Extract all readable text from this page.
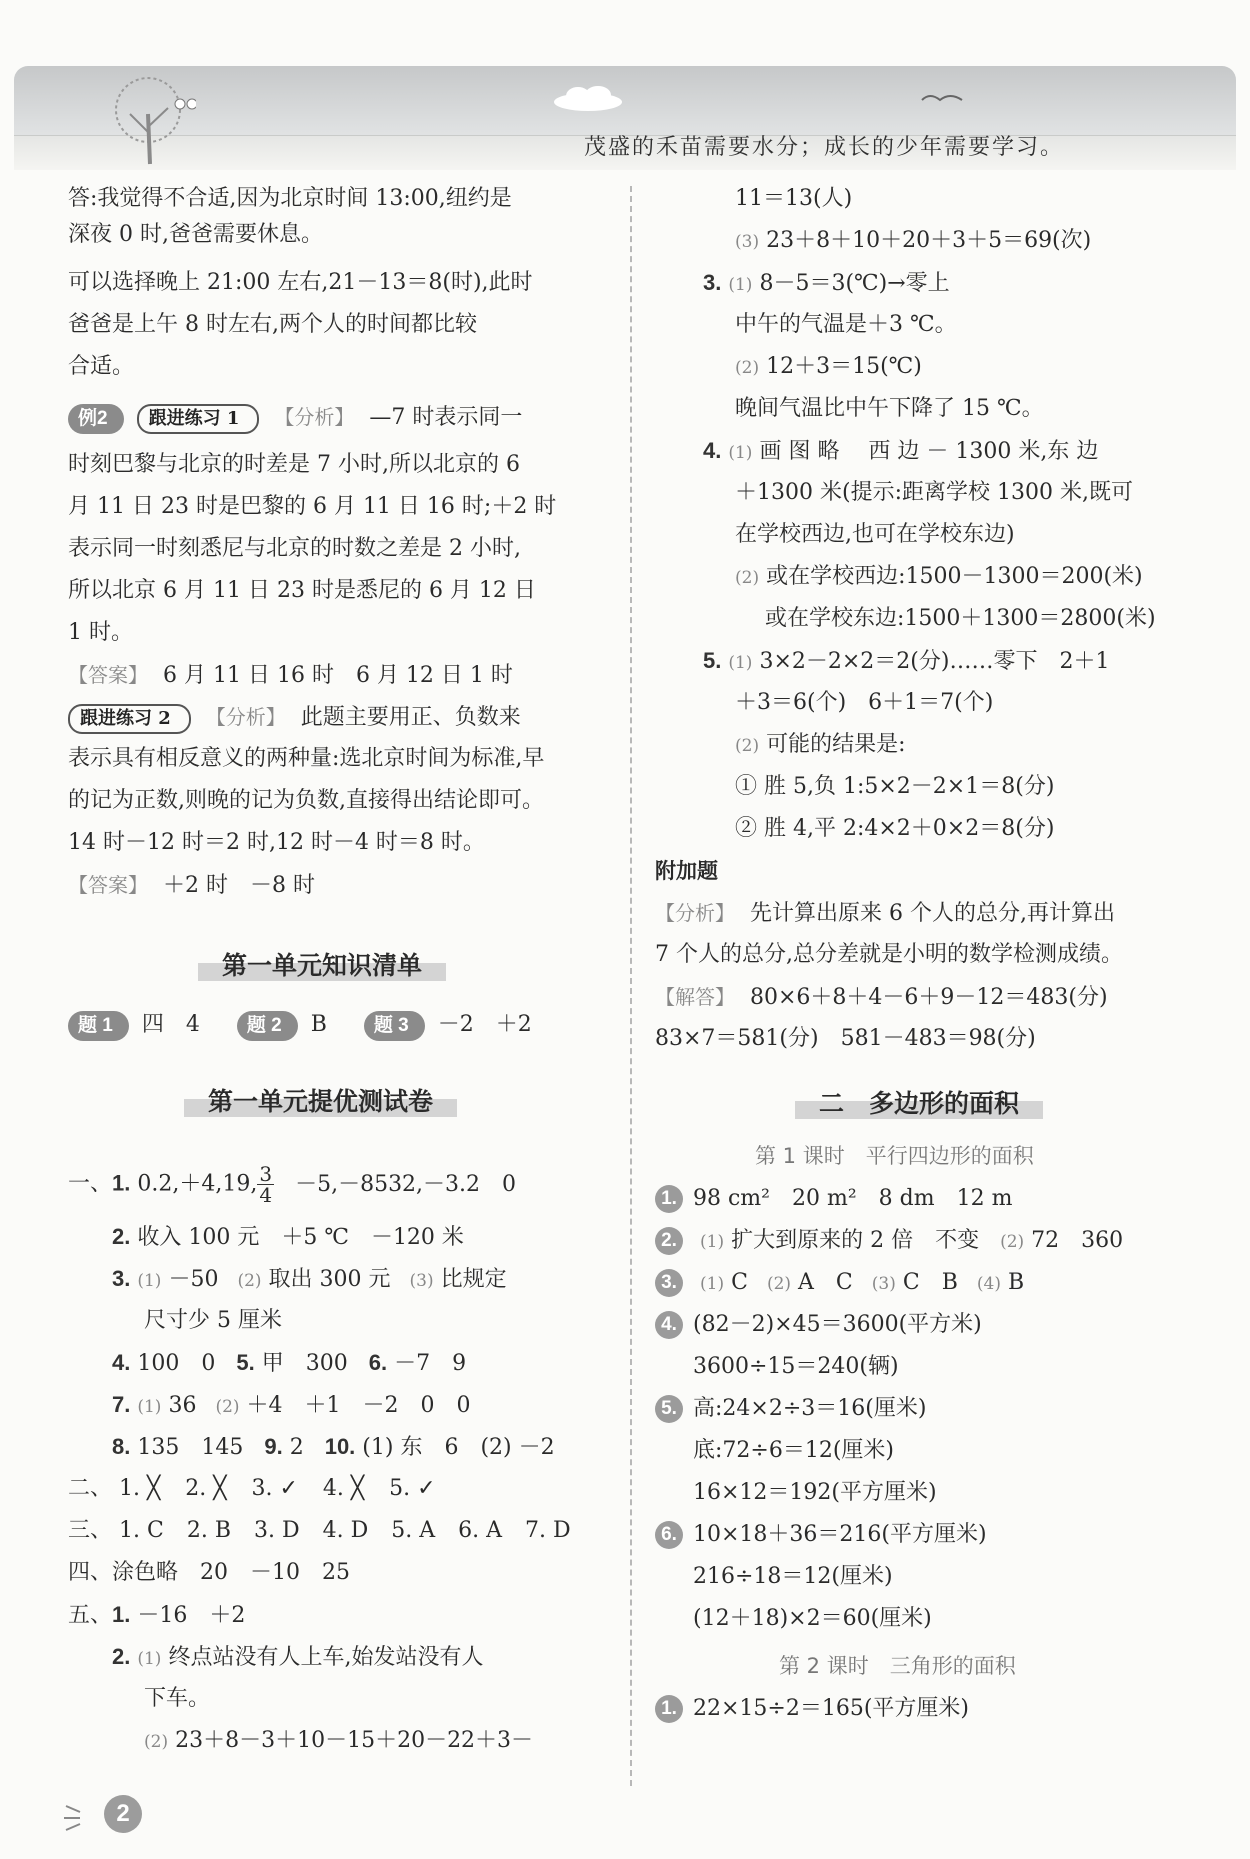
茂盛的禾苗需要水分；成长的少年需要学习。
答:我觉得不合适,因为北京时间 13:00,纽约是
深夜 0 时,爸爸需要休息。
可以选择晚上 21:00 左右,21－13＝8(时),此时
爸爸是上午 8 时左右,两个人的时间都比较
合适。
例2 跟进练习 1 【分析】 —7 时表示同一
时刻巴黎与北京的时差是 7 小时,所以北京的 6
月 11 日 23 时是巴黎的 6 月 11 日 16 时;＋2 时
表示同一时刻悉尼与北京的时数之差是 2 小时,
所以北京 6 月 11 日 23 时是悉尼的 6 月 12 日
1 时。
【答案】 6 月 11 日 16 时　6 月 12 日 1 时
跟进练习 2 【分析】 此题主要用正、负数来
表示具有相反意义的两种量:选北京时间为标准,早
的记为正数,则晚的记为负数,直接得出结论即可。
14 时－12 时＝2 时,12 时－4 时＝8 时。
【答案】 ＋2 时　－8 时
第一单元知识清单
题 1 四　4 题 2 B 题 3 －2　＋2
第一单元提优测试卷
一、1. 0.2,＋4,19, $\frac{3}{4} -5,-8532,-3.2$　0
2. 收入 100 元　＋5 ℃　－120 米
3. (1) －50 (2) 取出 300 元 (3) 比规定
尺寸少 5 厘米
4. 100　0 5. 甲　300 6. －7　9
7. (1) 36 (2) ＋4　＋1　－2　0　0
8. 135　145 9. 2 10. (1) 东　6　(2) －2
二、 1. ╳ 2. ╳ 3. ✓ 4. ╳ 5. ✓
三、 1. C 2. B 3. D 4. D 5. A 6. A 7. D
四、涂色略　20　－10　25
五、1. －16　＋2
2. (1) 终点站没有人上车,始发站没有人
下车。
(2) 23＋8－3＋10－15＋20－22＋3－
11＝13(人)
(3) 23＋8＋10＋20＋3＋5＝69(次)
3. (1) 8－5＝3(℃)→零上
中午的气温是＋3 ℃。
(2) 12＋3＝15(℃)
晚间气温比中午下降了 15 ℃。
4. (1) 画 图 略　 西 边 － 1300 米,东 边
＋1300 米(提示:距离学校 1300 米,既可
在学校西边,也可在学校东边)
(2) 或在学校西边:1500－1300＝200(米)
或在学校东边:1500＋1300＝2800(米)
5. (1) 3×2－2×2＝2(分)……零下　2＋1
＋3＝6(个)　6＋1＝7(个)
(2) 可能的结果是:
① 胜 5,负 1:5×2－2×1＝8(分)
② 胜 4,平 2:4×2＋0×2＝8(分)
附加题
【分析】 先计算出原来 6 个人的总分,再计算出
7 个人的总分,总分差就是小明的数学检测成绩。
【解答】 80×6＋8＋4－6＋9－12＝483(分)
83×7＝581(分)　581－483＝98(分)
二　多边形的面积
第 1 课时　平行四边形的面积
1. 98 cm²　20 m²　8 dm　12 m
2. (1) 扩大到原来的 2 倍　不变 (2) 72　360
3. (1) C (2) A　C (3) C　B (4) B
4. (82－2)×45＝3600(平方米)
3600÷15＝240(辆)
5. 高:24×2÷3＝16(厘米)
底:72÷6＝12(厘米)
16×12＝192(平方厘米)
6. 10×18＋36＝216(平方厘米)
216÷18＝12(厘米)
(12＋18)×2＝60(厘米)
第 2 课时　三角形的面积
1. 22×15÷2＝165(平方厘米)
2
